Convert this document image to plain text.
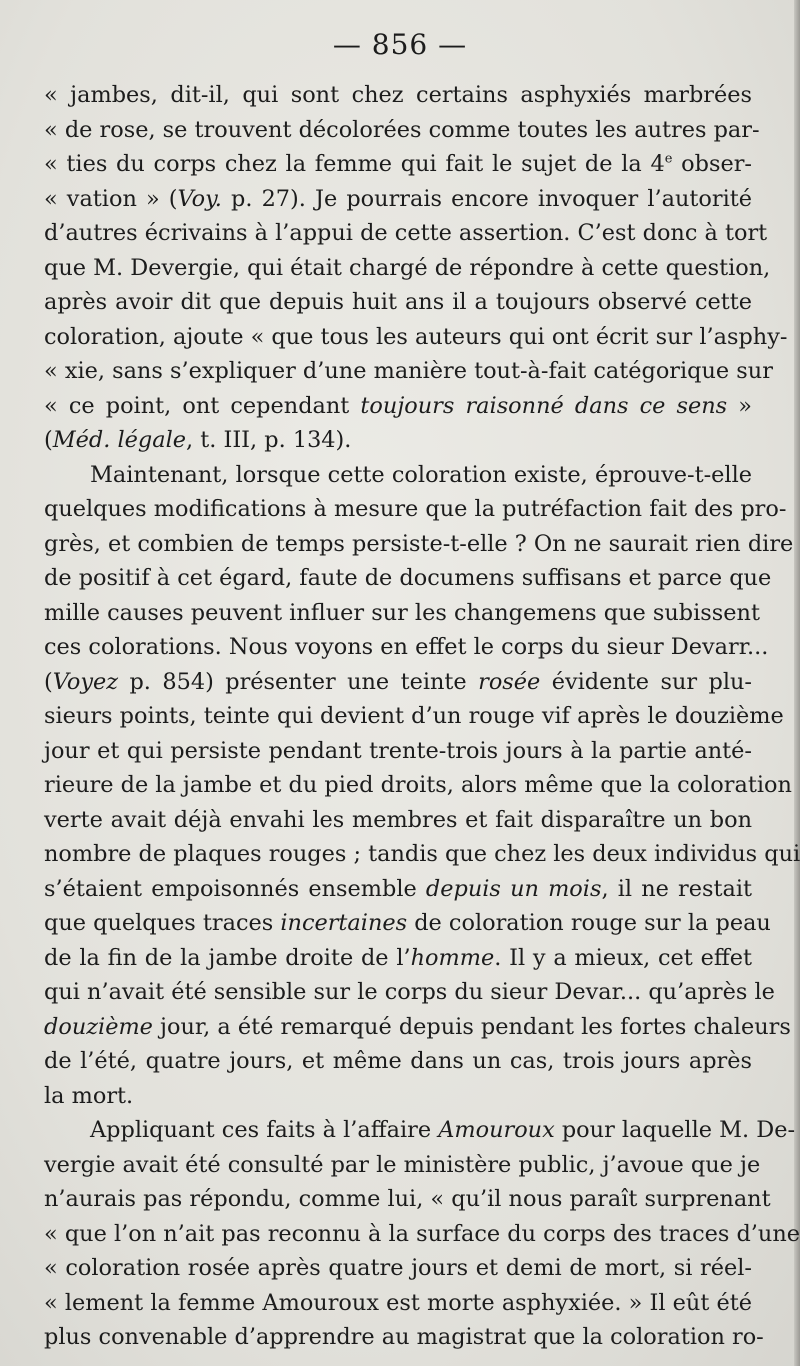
— 856 —
« jambes, dit-il, qui sont chez certains asphyxiés marbrées
« de rose, se trouvent décolorées comme toutes les autres par-
« ties du corps chez la femme qui fait le sujet de la 4e obser-
« vation » (Voy. p. 27). Je pourrais encore invoquer l’autorité
d’autres écrivains à l’appui de cette assertion. C’est donc à tort
que M. Devergie, qui était chargé de répondre à cette question,
après avoir dit que depuis huit ans il a toujours observé cette
coloration, ajoute « que tous les auteurs qui ont écrit sur l’asphy-
« xie, sans s’expliquer d’une manière tout-à-fait catégorique sur
« ce point, ont cependant toujours raisonné dans ce sens »
(Méd. légale, t. III, p. 134).
Maintenant, lorsque cette coloration existe, éprouve-t-elle
quelques modifications à mesure que la putréfaction fait des pro-
grès, et combien de temps persiste-t-elle ? On ne saurait rien dire
de positif à cet égard, faute de documens suffisans et parce que
mille causes peuvent influer sur les changemens que subissent
ces colorations. Nous voyons en effet le corps du sieur Devarr...
(Voyez p. 854) présenter une teinte rosée évidente sur plu-
sieurs points, teinte qui devient d’un rouge vif après le douzième
jour et qui persiste pendant trente-trois jours à la partie anté-
rieure de la jambe et du pied droits, alors même que la coloration
verte avait déjà envahi les membres et fait disparaître un bon
nombre de plaques rouges ; tandis que chez les deux individus qui
s’étaient empoisonnés ensemble depuis un mois, il ne restait
que quelques traces incertaines de coloration rouge sur la peau
de la fin de la jambe droite de l’homme. Il y a mieux, cet effet
qui n’avait été sensible sur le corps du sieur Devar... qu’après le
douzième jour, a été remarqué depuis pendant les fortes chaleurs
de l’été, quatre jours, et même dans un cas, trois jours après
la mort.
Appliquant ces faits à l’affaire Amouroux pour laquelle M. De-
vergie avait été consulté par le ministère public, j’avoue que je
n’aurais pas répondu, comme lui, « qu’il nous paraît surprenant
« que l’on n’ait pas reconnu à la surface du corps des traces d’une
« coloration rosée après quatre jours et demi de mort, si réel-
« lement la femme Amouroux est morte asphyxiée. » Il eût été
plus convenable d’apprendre au magistrat que la coloration ro-
